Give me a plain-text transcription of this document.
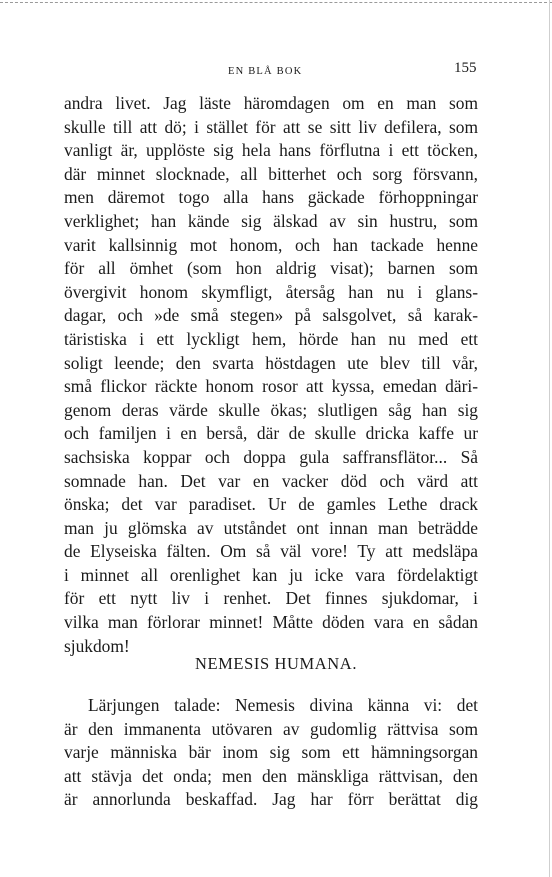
EN BLÅ BOK	155
andra livet. Jag läste häromdagen om en man som
skulle till att dö; i stället för att se sitt liv defilera, som
vanligt är, upplöste sig hela hans förflutna i ett töcken,
där minnet slocknade, all bitterhet och sorg försvann,
men däremot togo alla hans gäckade förhoppningar
verklighet; han kände sig älskad av sin hustru, som
varit kallsinnig mot honom, och han tackade henne
för all ömhet (som hon aldrig visat); barnen som
övergivit honom skymfligt, återsåg han nu i glans-
dagar, och »de små stegen» på salsgolvet, så karak-
täristiska i ett lyckligt hem, hörde han nu med ett
soligt leende; den svarta höstdagen ute blev till vår,
små flickor räckte honom rosor att kyssa, emedan däri-
genom deras värde skulle ökas; slutligen såg han sig
och familjen i en berså, där de skulle dricka kaffe ur
sachsiska koppar och doppa gula saffransflätor... Så
somnade han. Det var en vacker död och värd att
önska; det var paradiset. Ur de gamles Lethe drack
man ju glömska av utståndet ont innan man beträdde
de Elyseiska fälten. Om så väl vore! Ty att medsläpa
i minnet all orenlighet kan ju icke vara fördelaktigt
för ett nytt liv i renhet. Det finnes sjukdomar, i
vilka man förlorar minnet! Måtte döden vara en sådan
sjukdom!
NEMESIS HUMANA.
Lärjungen talade: Nemesis divina känna vi: det
är den immanenta utövaren av gudomlig rättvisa som
varje människa bär inom sig som ett hämningsorgan
att stävja det onda; men den mänskliga rättvisan, den
är annorlunda beskaffad. Jag har förr berättat dig
